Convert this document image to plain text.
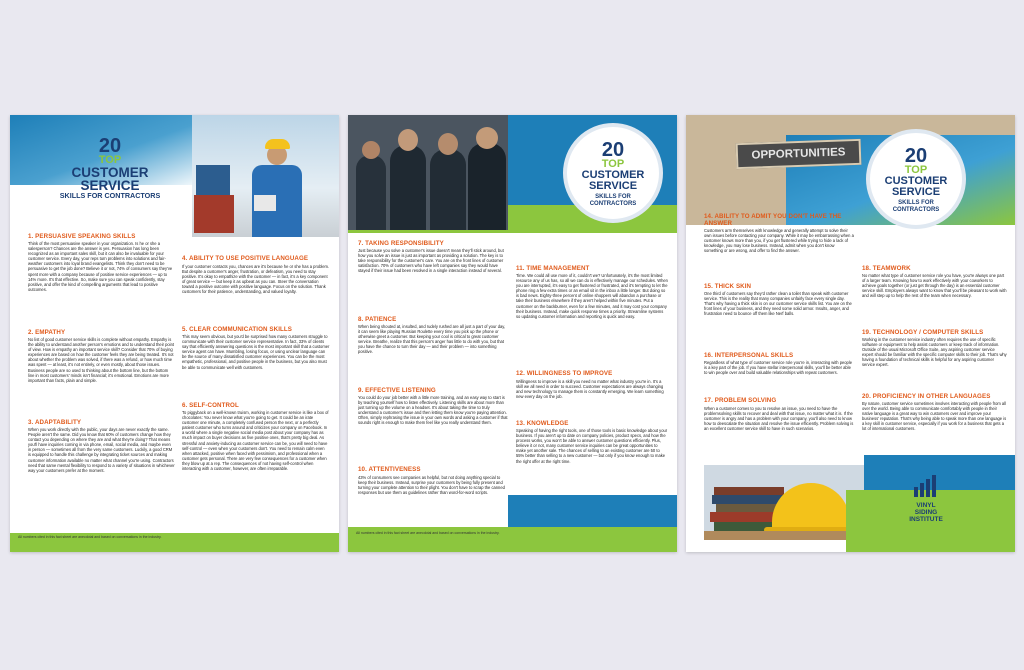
20
TOP
CUSTOMER SERVICE
SKILLS FOR CONTRACTORS
1. PERSUASIVE SPEAKING SKILLS
Think of the most persuasive speaker in your organization. Is he or she a salesperson? Chances are the answer is yes. Persuasion has long been recognized as an important sales skill, but it can also be invaluable for your customer service. Every day, your reps turn problems into solutions and fair-weather customers into loyal brand evangelists. Think they don't need to be persuasive to get the job done? Believe it or not, 74% of consumers say they've spent more with a company because of positive service experiences — up to 14% more. It's that effective. So, make sure you can speak confidently, stay positive, and offer the kind of compelling arguments that lead to positive outcomes.
2. EMPATHY
No list of good customer service skills is complete without empathy. Empathy is the ability to understand another person's emotions and to understand their point of view. How is empathy an important service skill? Consider that 70% of buying experiences are based on how the customer feels they are being treated. It's not about whether the problem was solved, if there was a refund, or how much time was spent — at least, it's not entirely, or even mostly, about those issues. Business people are so used to thinking about the bottom line, but the bottom line in most customers' minds isn't financial; it's emotional. Emotions are more important than facts, plain and simple.
3. ADAPTABILITY
When you work directly with the public, your days are never exactly the same. People aren't the same. Did you know that 60% of customers change how they contact you depending on where they are and what they're doing? That means you'll have inquiries coming in via phone, email, social media, and maybe even in person — sometimes all from the very same customers. Luckily, a good CRM is equipped to handle this challenge by integrating ticket sources and making customer information available no matter what channel you're using. Contractors need that same mental flexibility to respond to a variety of situations in whichever way your customers prefer at the moment.
4. ABILITY TO USE POSITIVE LANGUAGE
If your customer contacts you, chances are it's because he or she has a problem. But despite a customer's anger, frustration, or defeatism, you need to stay positive. It's okay to empathize with the customer — in fact, it's a key component of great service — but keep it as upbeat as you can. Steer the conversation toward a positive outcome with positive language. Focus on the solution. Thank customers for their patience, understanding, and valued loyalty.
5. CLEAR COMMUNICATION SKILLS
This may seem obvious, but you'd be surprised how many customers struggle to communicate with their customer service representative. In fact, 33% of clients say that efficiently answering questions is the most important skill that a customer service agent can have. Mumbling, losing focus, or using unclear language can be the source of many dissatisfied customer experiences. You can be the most empathetic, professional, and positive people in the business, but you also must be able to communicate well with customers.
6. SELF-CONTROL
To piggyback on a well-known truism, working in customer service is like a box of chocolates: You never know what you're going to get. It could be an irate customer one minute, a completely confused person the next, or a perfectly patient customer who turns around and criticizes your company on Facebook. In a world where a single negative social media post about your company has as much impact on buyer decisions as five positive ones, that's pretty big deal. As stressful and anxiety-inducing as customer service can be, you will need to have self-control — even when your customers don't. You need to remain calm even when attacked, positive when faced with pessimism, and professional when a customer gets personal. There are very few consequences for a customer when they blow up at a rep. The consequences of not having self-control when interacting with a customer, however, are often irreparable.
All numbers cited in this fact sheet are anecdotal and based on conversations in the industry.
20
TOP
CUSTOMER SERVICE
SKILLS FOR CONTRACTORS
7. TAKING RESPONSIBILITY
Just because you solve a customer's issue doesn't mean they'll stick around, but how you solve an issue is just as important as providing a solution. The key is to take responsibility for the customer's care. You are on the front lines of customer satisfaction. 70% of customers who have left companies say they would have stayed if their issue had been resolved in a single interaction instead of several.
8. PATIENCE
When being shouted at, insulted, and rudely rushed are all just a part of your day, it can seem like playing Russian Roulette every time you pick up the phone or otherwise greet a customer. But keeping your cool is critical to great customer service. Breathe, realize that this person's anger has little to do with you, but that you have the chance to turn their day — and their problem — into something positive.
9. EFFECTIVE LISTENING
You could do your job better with a little more training, and an easy way to start is by teaching yourself how to listen effectively. Listening skills are about more than just turning up the volume on a headset. It's about taking the time to truly understand a customer's issue and then letting them know you're paying attention. Often, simply rephrasing the issue in your own words and asking a customer if that sounds right is enough to make them feel like you really understand them.
10. ATTENTIVENESS
43% of consumers see companies as helpful, but not doing anything special to keep their business. Instead, surprise your customers by being fully present and turning your complete attention to their plight. You don't have to scrap the canned responses but use them as guidelines rather than word-for-word scripts.
11. TIME MANAGEMENT
Time. We could all use more of it, couldn't we? Unfortunately, it's the most limited resource any of us has, so all we can do is effectively manage our schedules. When you are interrupted, it's easy to get flustered or frustrated, and it's tempting to let the phone ring a few extra times or an email sit in the inbox a little longer. But doing so is bad news. Eighty-three percent of online shoppers will abandon a purchase or take their business elsewhere if they aren't helped within five minutes. Put a customer on the backburner, even for a few minutes, and it may cost your company their business. Instead, make quick response times a priority. Streamline systems so updating customer information and reporting is quick and easy.
12. WILLINGNESS TO IMPROVE
Willingness to improve is a skill you need no matter what industry you're in. It's a skill we all need in order to succeed. Customer expectations are always changing and new technology to manage them is constantly emerging. We learn something new every day on the job.
13. KNOWLEDGE
Speaking of having the right tools, one of those tools is basic knowledge about your business. If you aren't up to date on company policies, product specs, and how the process works, you won't be able to answer customer questions efficiently. Plus, believe it or not, many customer service inquiries can be great opportunities to make yet another sale. The chances of selling to an existing customer are 50 to 55% better than selling to a new customer — but only if you know enough to make the right offer at the right time.
All numbers cited in this fact sheet are anecdotal and based on conversations in the industry.
OPPORTUNITIES	20
TOP
CUSTOMER SERVICE
SKILLS FOR CONTRACTORS
14. ABILITY TO ADMIT YOU DON'T HAVE THE ANSWER
Customers arm themselves with knowledge and generally attempt to solve their own issues before contacting your company. While it may be embarrassing when a customer knows more than you, if you get flustered while trying to hide a lack of knowledge, you may lose business. Instead, admit when you don't know something or are wrong, and offer to find the answer.
15. THICK SKIN
One third of customers say they'd rather clean a toilet than speak with customer service. This is the reality that many companies unfairly face every single day. That's why having a thick skin is on our customer service skills list. You are on the front lines of your business, and they need some solid armor. Insults, anger, and frustration need to bounce off them like Nerf balls.
16. INTERPERSONAL SKILLS
Regardless of what type of customer service role you're in, interacting with people is a key part of the job. If you have stellar interpersonal skills, you'll be better able to win people over and build valuable relationships with repeat customers.
17. PROBLEM SOLVING
When a customer comes to you to resolve an issue, you need to have the problemsolving skills to recover and deal with that issue, no matter what it is. If the customer is angry and has a problem with your company, you'll also need to know how to deescalate the situation and resolve the issue efficiently. Problem solving is an excellent customer service skill to have in such scenarios.
18. TEAMWORK
No matter what type of customer service role you have, you're always one part of a larger team. Knowing how to work effectively with your coworkers to achieve goals together (or just get through the day) is an essential customer service skill. Employers always want to know that you'll be pleasant to work with and will step up to help the rest of the team when necessary.
19. TECHNOLOGY / COMPUTER SKILLS
Working in the customer service industry often requires the use of specific software or equipment to help assist customers or keep track of information. Outside of the usual Microsoft Office Suite, any aspiring customer service expert should be familiar with the specific computer skills to their job. That's why having a foundation of technical skills is helpful for any aspiring customer service expert.
20. PROFICIENCY IN OTHER LANGUAGES
By nature, customer service sometimes involves interacting with people from all over the world. Being able to communicate comfortably with people in their native language is a great way to win customers over and improve your business' reputation. That's why being able to speak more than one language is a key skill in customer service, especially if you work for a business that gets a lot of international customers.
VINYL SIDING INSTITUTE
